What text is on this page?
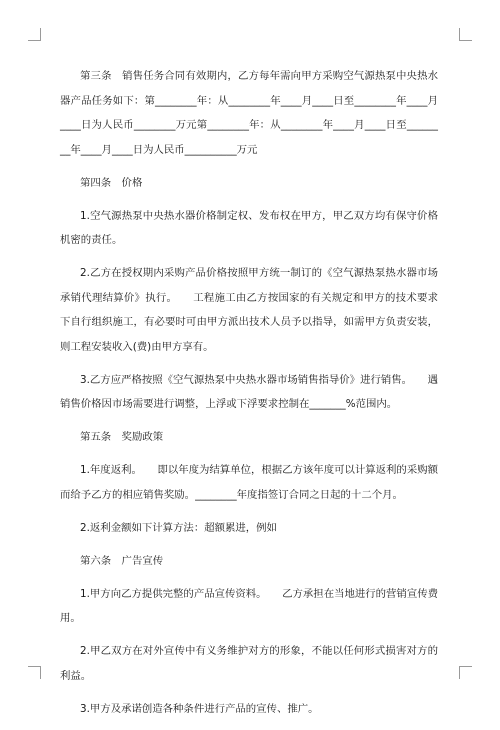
第三条　销售任务合同有效期内，乙方每年需向甲方采购空气源热泵中央热水器产品任务如下：第________年：从________年____月____日至________年____月____日为人民币________万元第________年：从________年____月____日至________年____月____日为人民币__________万元

第四条　价格

1.空气源热泵中央热水器价格制定权、发布权在甲方，甲乙双方均有保守价格机密的责任。

2.乙方在授权期内采购产品价格按照甲方统一制订的《空气源热泵热水器市场承销代理结算价》执行。　　工程施工由乙方按国家的有关规定和甲方的技术要求下自行组织施工，有必要时可由甲方派出技术人员予以指导，如需甲方负责安装，则工程安装收入(费)由甲方享有。

3.乙方应严格按照《空气源热泵中央热水器市场销售指导价》进行销售。　　遇销售价格因市场需要进行调整，上浮或下浮要求控制在_______%范围内。

第五条　奖励政策

1.年度返利。　　即以年度为结算单位，根据乙方该年度可以计算返利的采购额而给予乙方的相应销售奖励。________年度指签订合同之日起的十二个月。

2.返利金额如下计算方法：超额累进，例如

第六条　广告宣传

1.甲方向乙方提供完整的产品宣传资料。　　乙方承担在当地进行的营销宣传费用。

2.甲乙双方在对外宣传中有义务维护对方的形象，不能以任何形式损害对方的利益。

3.甲方及承诺创造各种条件进行产品的宣传、推广。
